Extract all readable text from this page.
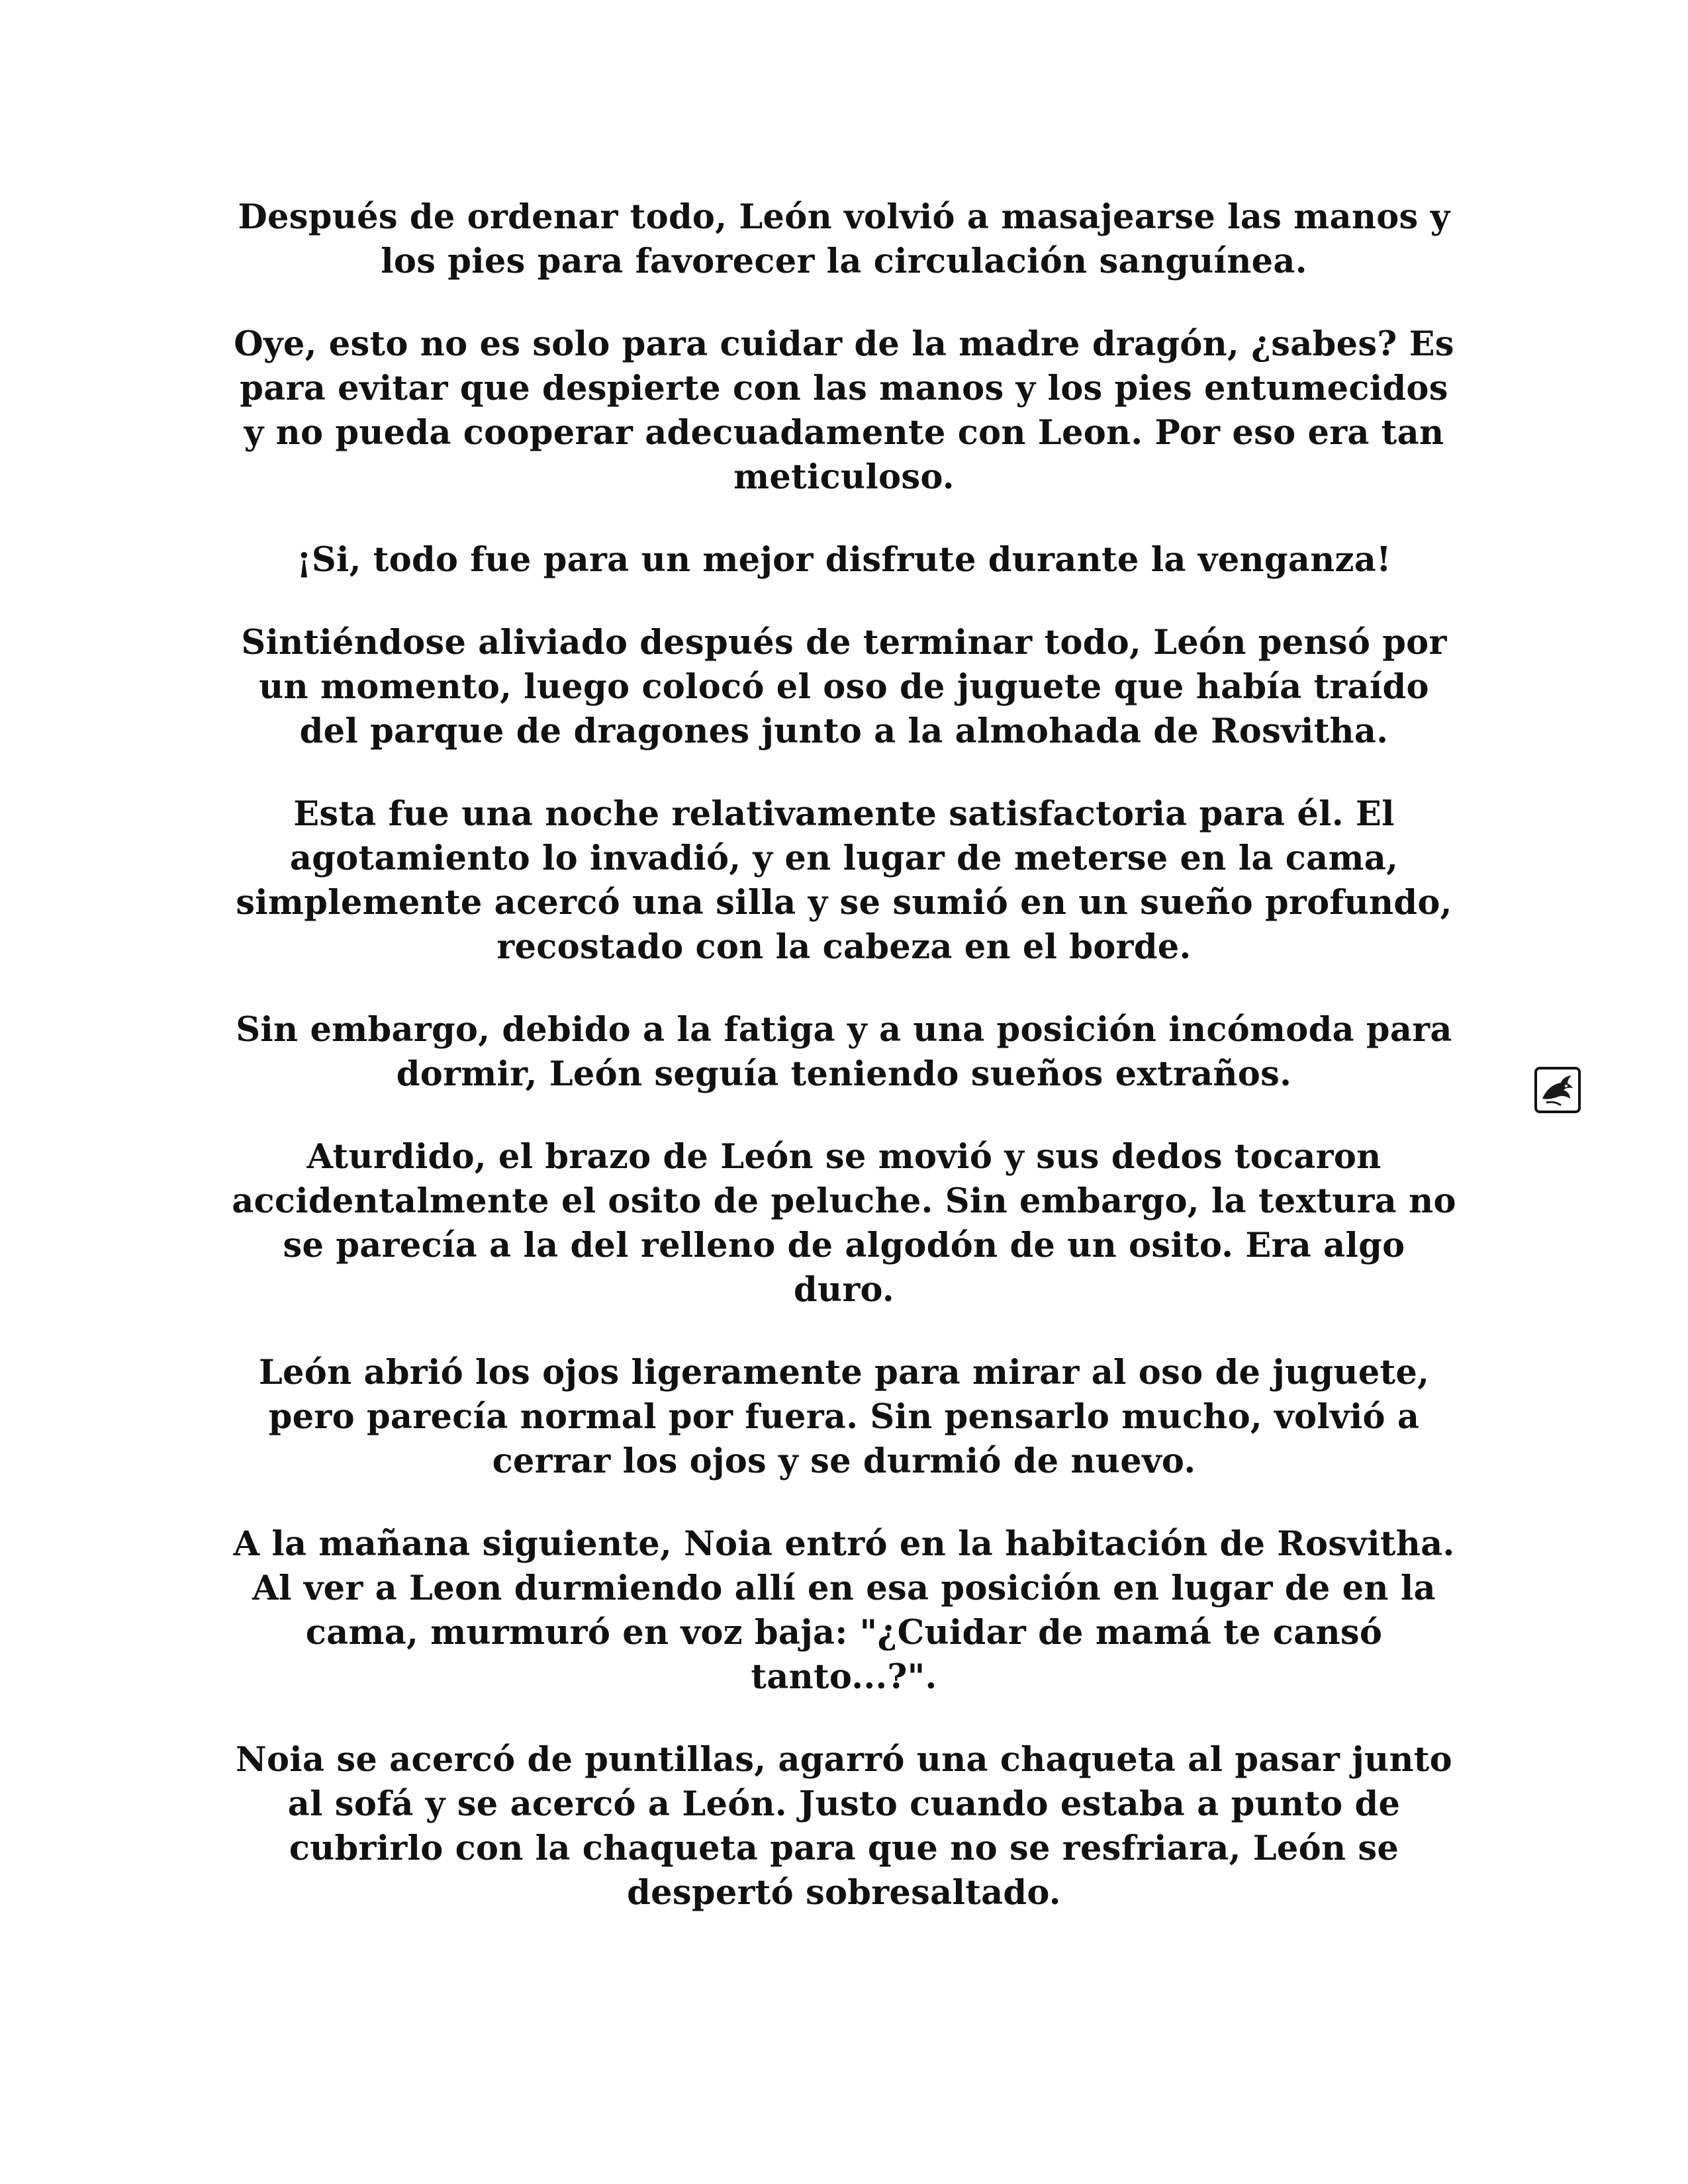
Después de ordenar todo, León volvió a masajearse las manos y los pies para favorecer la circulación sanguínea.

Oye, esto no es solo para cuidar de la madre dragón, ¿sabes? Es para evitar que despierte con las manos y los pies entumecidos y no pueda cooperar adecuadamente con Leon. Por eso era tan meticuloso.

¡Si, todo fue para un mejor disfrute durante la venganza!

Sintiéndose aliviado después de terminar todo, León pensó por un momento, luego colocó el oso de juguete que había traído del parque de dragones junto a la almohada de Rosvitha.

Esta fue una noche relativamente satisfactoria para él. El agotamiento lo invadió, y en lugar de meterse en la cama, simplemente acercó una silla y se sumió en un sueño profundo, recostado con la cabeza en el borde.

Sin embargo, debido a la fatiga y a una posición incómoda para dormir, León seguía teniendo sueños extraños.

Aturdido, el brazo de León se movió y sus dedos tocaron accidentalmente el osito de peluche. Sin embargo, la textura no se parecía a la del relleno de algodón de un osito. Era algo duro.

León abrió los ojos ligeramente para mirar al oso de juguete, pero parecía normal por fuera. Sin pensarlo mucho, volvió a cerrar los ojos y se durmió de nuevo.

A la mañana siguiente, Noia entró en la habitación de Rosvitha. Al ver a Leon durmiendo allí en esa posición en lugar de en la cama, murmuró en voz baja: "¿Cuidar de mamá te cansó tanto...?".

Noia se acercó de puntillas, agarró una chaqueta al pasar junto al sofá y se acercó a León. Justo cuando estaba a punto de cubrirlo con la chaqueta para que no se resfriara, León se despertó sobresaltado.
